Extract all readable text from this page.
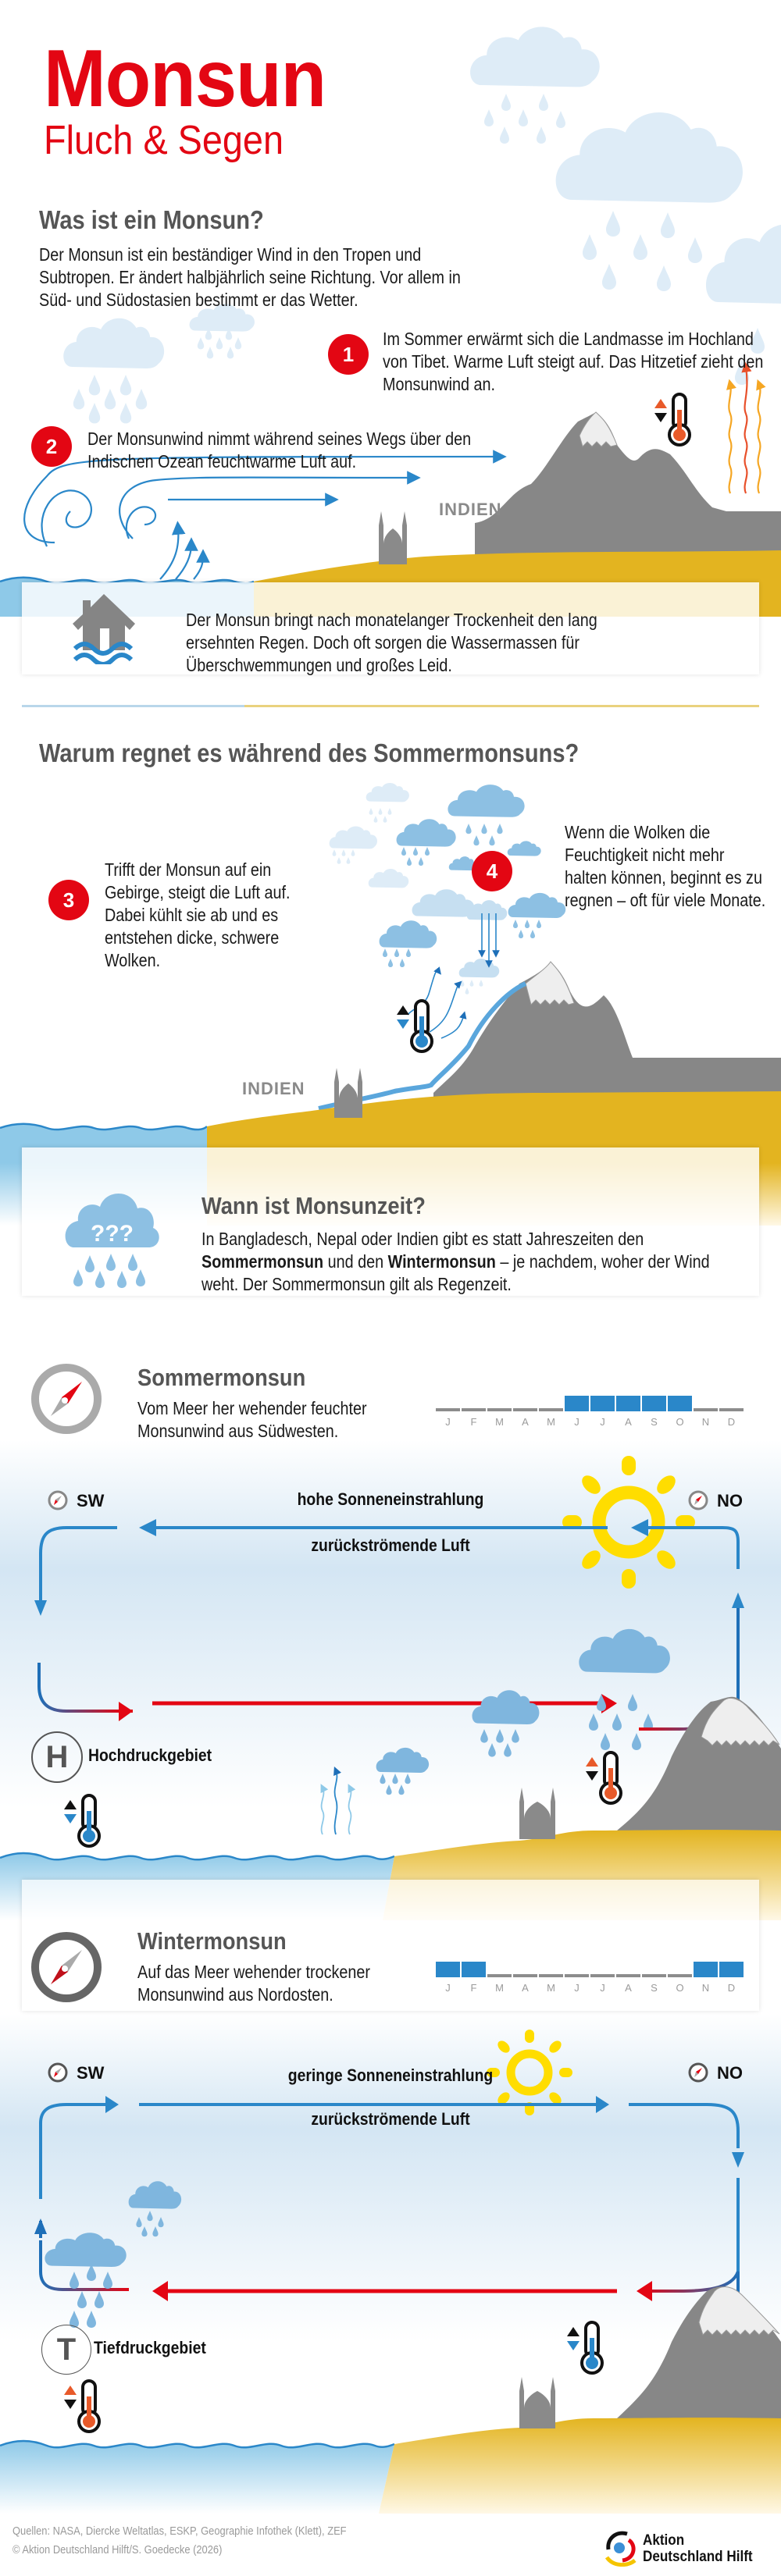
Monsun
Fluch & Segen
Was ist ein Monsun?
Der Monsun ist ein beständiger Wind in den Tropen und Subtropen. Er ändert halbjährlich seine Richtung. Vor allem in Süd- und Südostasien bestimmt er das Wetter.
1
Im Sommer erwärmt sich die Landmasse im Hochland von Tibet. Warme Luft steigt auf. Das Hitzetief zieht den Monsunwind an.
2	Der Monsunwind nimmt während seines Wegs über den Indischen Ozean feuchtwarme Luft auf.
INDIEN
Der Monsun bringt nach monatelanger Trockenheit den lang ersehnten Regen. Doch oft sorgen die Wassermassen für Überschwemmungen und großes Leid.
Warum regnet es während des Sommermonsuns?
3
Trifft der Monsun auf ein Gebirge, steigt die Luft auf. Dabei kühlt sie ab und es entstehen dicke, schwere Wolken.
4
Wenn die Wolken die Feuchtigkeit nicht mehr halten können, beginnt es zu regnen – oft für viele Monate.
INDIEN
???
Wann ist Monsunzeit?
In Bangladesch, Nepal oder Indien gibt es statt Jahreszeiten den Sommermonsun und den Wintermonsun – je nachdem, woher der Wind weht. Der Sommermonsun gilt als Regenzeit.
Sommermonsun
Vom Meer her wehender feuchter Monsunwind aus Südwesten.	J F M A M J J A S O N D
SW	NO
hohe Sonneneinstrahlung
zurückströmende Luft
H	Hochdruckgebiet
Wintermonsun
Auf das Meer wehender trockener Monsunwind aus Nordosten.	J F M A M J J A S O N D
SW	NO
geringe Sonneneinstrahlung
zurückströmende Luft
T	Tiefdruckgebiet
Quellen: NASA, Diercke Weltatlas, ESKP, Geographie Infothek (Klett), ZEF
© Aktion Deutschland Hilft/S. Goedecke (2026)
Aktion
Deutschland Hilft
